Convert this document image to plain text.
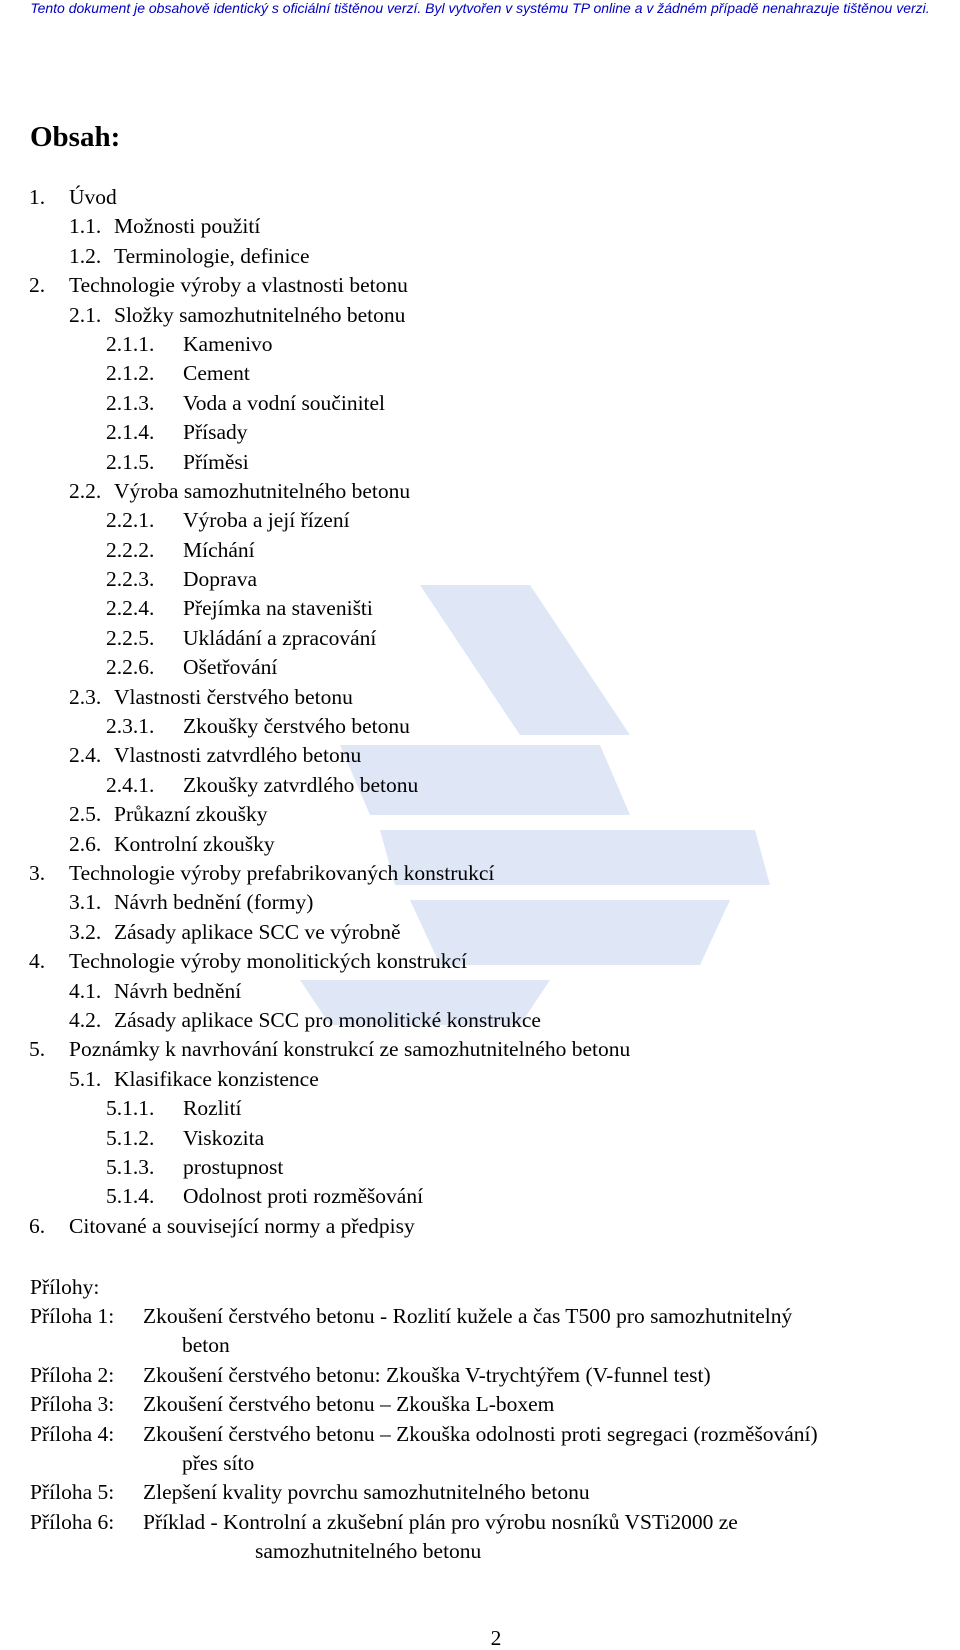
Tento dokument je obsahově identický s oficiální tištěnou verzí. Byl vytvořen v systému TP online a v žádném případě nenahrazuje tištěnou verzi.
Obsah:
1. Úvod
1.1. Možnosti použití
1.2. Terminologie, definice
2. Technologie výroby a vlastnosti betonu
2.1. Složky samozhutnitelného betonu
2.1.1. Kamenivo
2.1.2. Cement
2.1.3. Voda a vodní součinitel
2.1.4. Přísady
2.1.5. Příměsi
2.2. Výroba samozhutnitelného betonu
2.2.1. Výroba a její řízení
2.2.2. Míchání
2.2.3. Doprava
2.2.4. Přejímka na staveništi
2.2.5. Ukládání a zpracování
2.2.6. Ošetřování
2.3. Vlastnosti čerstvého betonu
2.3.1. Zkoušky čerstvého betonu
2.4. Vlastnosti zatvrdlého betonu
2.4.1. Zkoušky zatvrdlého betonu
2.5. Průkazní zkoušky
2.6. Kontrolní zkoušky
3. Technologie výroby prefabrikovaných konstrukcí
3.1. Návrh bednění (formy)
3.2. Zásady aplikace SCC ve výrobně
4. Technologie výroby monolitických konstrukcí
4.1. Návrh bednění
4.2. Zásady aplikace SCC pro monolitické konstrukce
5. Poznámky k navrhování konstrukcí ze samozhutnitelného betonu
5.1. Klasifikace konzistence
5.1.1. Rozlití
5.1.2. Viskozita
5.1.3. prostupnost
5.1.4. Odolnost proti rozměšování
6. Citované a související normy a předpisy
Přílohy:
Příloha 1: Zkoušení čerstvého betonu - Rozlití kužele a čas T500 pro samozhutnitelný
beton
Příloha 2: Zkoušení čerstvého betonu: Zkouška V-trychtýřem (V-funnel test)
Příloha 3: Zkoušení čerstvého betonu – Zkouška L-boxem
Příloha 4: Zkoušení čerstvého betonu – Zkouška odolnosti proti segregaci (rozměšování)
přes síto
Příloha 5: Zlepšení kvality povrchu samozhutnitelného betonu
Příloha 6: Příklad - Kontrolní a zkušební plán pro výrobu nosníků VSTi2000 ze
samozhutnitelného betonu
2
